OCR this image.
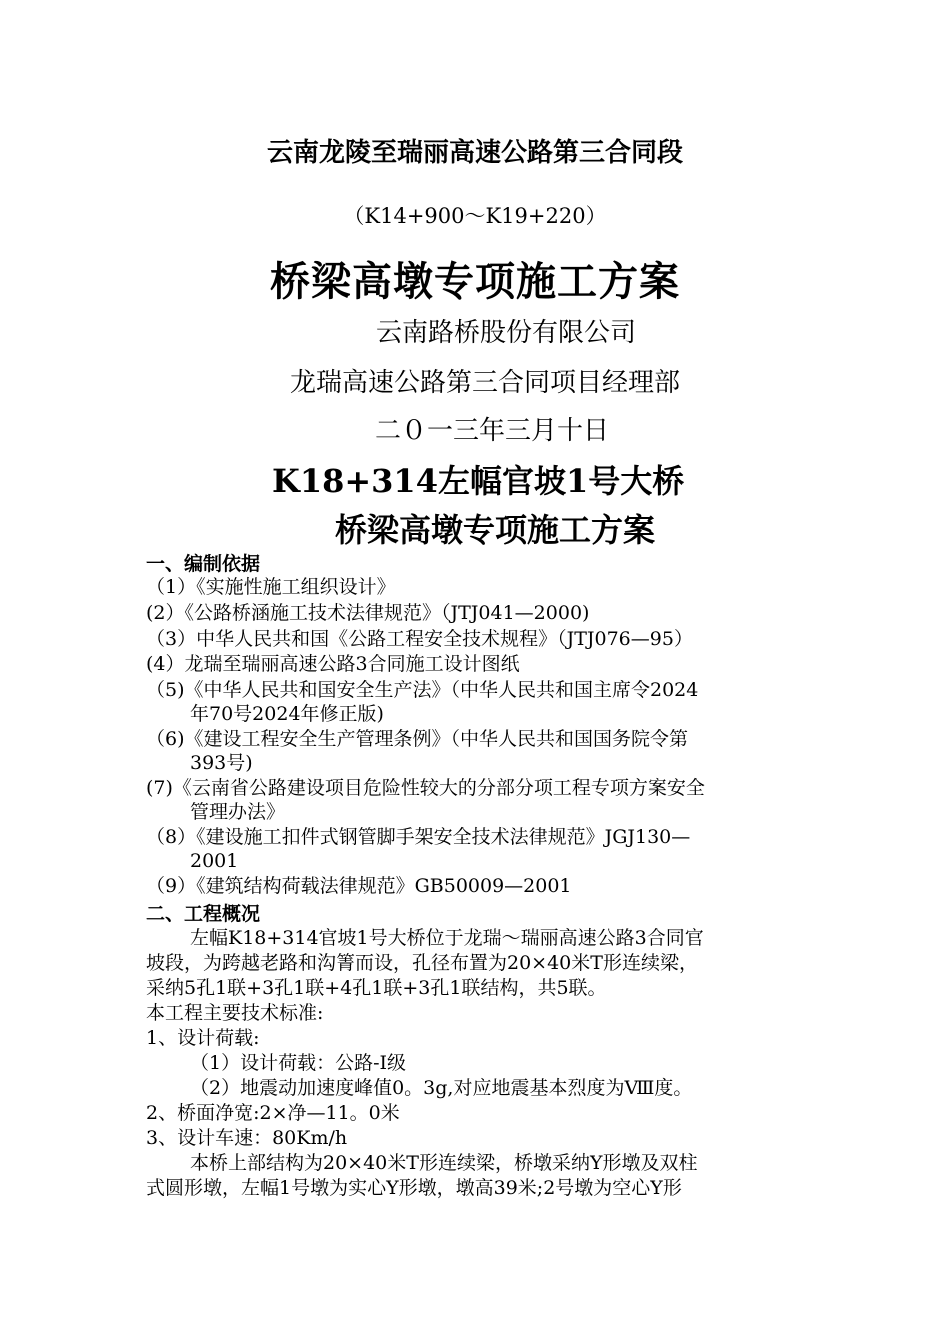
云南龙陵至瑞丽高速公路第三合同段
（K14+900～K19+220）
桥梁高墩专项施工方案
云南路桥股份有限公司
龙瑞高速公路第三合同项目经理部
二０一三年三月十日
K18+314左幅官坡1号大桥
桥梁高墩专项施工方案
一、编制依据
（1）《实施性施工组织设计》
(2）《公路桥涵施工技术法律规范》（JTJ041—2000)
（3）中华人民共和国《公路工程安全技术规程》（JTJ076—95）
(4）龙瑞至瑞丽高速公路3合同施工设计图纸
（5)《中华人民共和国安全生产法》（中华人民共和国主席令2024
年70号2024年修正版)
（6)《建设工程安全生产管理条例》（中华人民共和国国务院令第
393号)
(7)《云南省公路建设项目危险性较大的分部分项工程专项方案安全
管理办法》
（8）《建设施工扣件式钢管脚手架安全技术法律规范》JGJ130—
2001
（9）《建筑结构荷载法律规范》GB50009—2001
二、工程概况
左幅K18+314官坡1号大桥位于龙瑞～瑞丽高速公路3合同官
坡段，为跨越老路和沟箐而设，孔径布置为20×40米T形连续梁，
采纳5孔1联+3孔1联+4孔1联+3孔1联结构，共5联。
本工程主要技术标准:
1、设计荷载:
（1）设计荷载：公路-Ⅰ级
（2）地震动加速度峰值0。3g,对应地震基本烈度为Ⅷ度。
2、桥面净宽:2×净—11。0米
3、设计车速：80Km/h
本桥上部结构为20×40米T形连续梁，桥墩采纳Y形墩及双柱
式圆形墩，左幅1号墩为实心Y形墩，墩高39米;2号墩为空心Y形
